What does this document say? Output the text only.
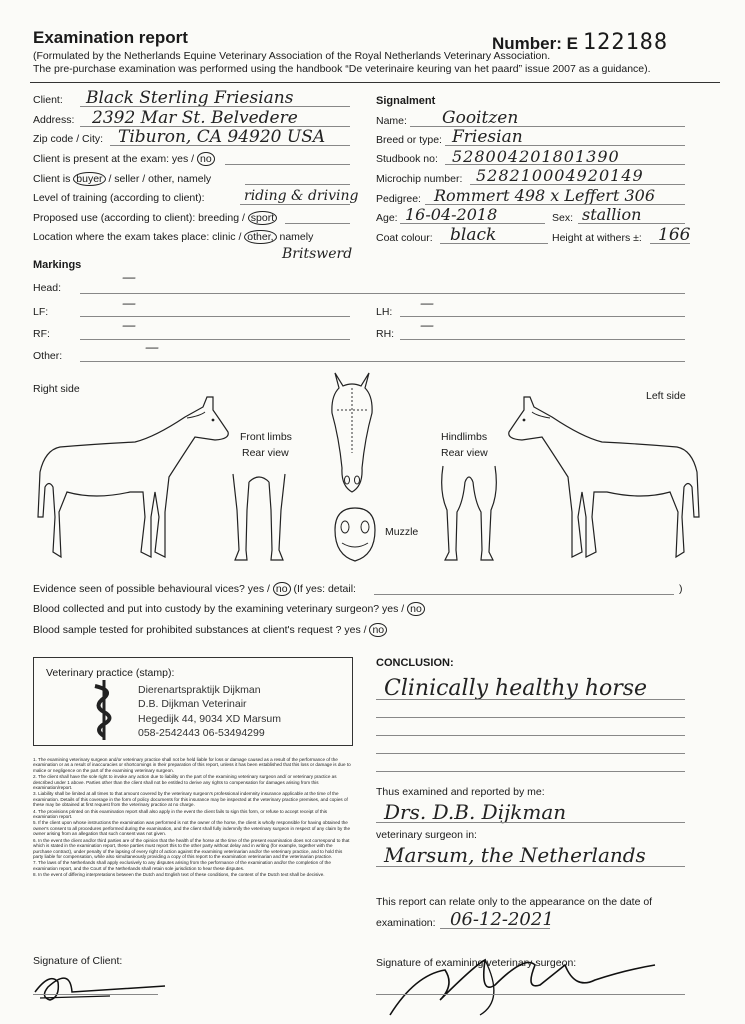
Examination report	Number: E 122188
(Formulated by the Netherlands Equine Veterinary Association of the Royal Netherlands Veterinary Association.
The pre-purchase examination was performed using the handbook “De veterinaire keuring van het paard” issue 2007 as a guidance).
Client: Black Sterling Friesians
Address: 2392 Mar St. Belvedere
Zip code / City: Tiburon, CA 94920 USA
Client is present at the exam: yes / no
Client is buyer / seller / other, namely
Level of training (according to client):	riding & driving
Proposed use (according to client): breeding / sport
Location where the exam takes place: clinic / other, namely
Britswerd
Signalment
Name: Gooitzen
Breed or type: Friesian
Studbook no: 528004201801390
Microchip number: 528210004920149
Pedigree: Rommert 498 x Leffert 306
Age: 16-04-2018	Sex: stallion
Coat colour: black	Height at withers ±: 166
Markings
Head:
—
LF:	—	LH: —
RF:	—	RH: —
Other:	—
Right side
Left side
Front limbs
Rear view
Hindlimbs
Rear view
Muzzle
Evidence seen of possible behavioural vices? yes / no (If yes: detail:	)
Blood collected and put into custody by the examining veterinary surgeon? yes / no
Blood sample tested for prohibited substances at client's request ? yes / no
Veterinary practice (stamp):
Dierenartspraktijk Dijkman
D.B. Dijkman Veterinair
Hegedijk 44, 9034 XD Marsum
058-2542443 06-53494299

1. The examining veterinary surgeon and/or veterinary practice shall not be held liable for loss or damage caused as a result of the performance of the examination or as a result of inaccuracies or shortcomings in their preparation of this report, unless it has been established that this loss or damage is due to malice or negligence on the part of the examining veterinary surgeon.

2. The client shall have the sole right to invoke any action due to liability on the part of the examining veterinary surgeon and/ or veterinary practice as described under 1 above. Parties other than the client shall not be entitled to derive any rights to compensation for damages arising from this examination/report.

3. Liability shall be limited at all times to that amount covered by the veterinary surgeon's professional indemnity insurance applicable at the time of the examination. Details of this coverage in the form of policy documents for this insurance may be inspected at the veterinary practice premises, and copies of these may be obtained at first request from the veterinary practice at no charge.

4. The provisions printed on this examination report shall also apply in the event the client fails to sign this form, or refuse to accept receipt of this examination report.

5. If the client upon whose instructions the examination was performed is not the owner of the horse, the client is wholly responsible for having obtained the owner's consent to all procedures performed during the examination, and the client shall fully indemnify the veterinary surgeon in respect of any claim by the owner arising from an allegation that such consent was not given.

6. In the event the client and/or third parties are of the opinion that the health of the horse at the time of the present examination does not correspond to that which is stated in the examination report, these parties must report this to the other party without delay and in writing (for example, together with the purchase contract), under penalty of the lapsing of every right of action against the examining veterinarian and/or the veterinary practice, and to hold this party liable for compensation, while also simultaneously providing a copy of this report to the examination veterinarian and the veterinarian practice.

7. The laws of the Netherlands shall apply exclusively to any disputes arising from the performance of the examination and/or the completion of the examination report, and the Court of the Netherlands shall retain sole jurisdiction to hear these disputes.

8. In the event of differing interpretations between the Dutch and English text of these conditions, the content of the Dutch text shall be decisive.

CONCLUSION:
Clinically healthy horse
Thus examined and reported by me:
Drs. D.B. Dijkman
veterinary surgeon in:
Marsum, the Netherlands
This report can relate only to the appearance on the date of
examination: 06-12-2021
Signature of Client:	Signature of examining veterinary surgeon:
